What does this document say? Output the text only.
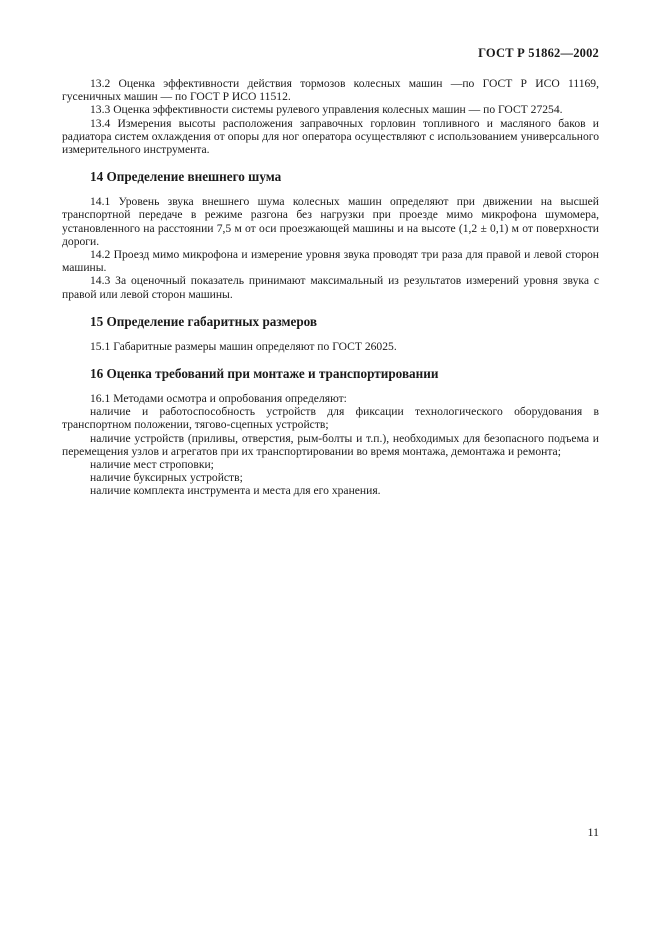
ГОСТ Р 51862—2002

13.2 Оценка эффективности действия тормозов колесных машин —по ГОСТ Р ИСО 11169, гусеничных машин — по ГОСТ Р ИСО 11512.

13.3 Оценка эффективности системы рулевого управления колесных машин — по ГОСТ 27254.

13.4 Измерения высоты расположения заправочных горловин топливного и масляного баков и радиатора систем охлаждения от опоры для ног оператора осуществляют с использованием универсального измерительного инструмента.

14 Определение внешнего шума

14.1 Уровень звука внешнего шума колесных машин определяют при движении на высшей транспортной передаче в режиме разгона без нагрузки при проезде мимо микрофона шумомера, установленного на расстоянии 7,5 м от оси проезжающей машины и на высоте (1,2 ± 0,1) м от поверхности дороги.

14.2 Проезд мимо микрофона и измерение уровня звука проводят три раза для правой и левой сторон машины.

14.3 За оценочный показатель принимают максимальный из результатов измерений уровня звука с правой или левой сторон машины.

15 Определение габаритных размеров

15.1 Габаритные размеры машин определяют по ГОСТ 26025.

16 Оценка требований при монтаже и транспортировании

16.1 Методами осмотра и опробования определяют:

наличие и работоспособность устройств для фиксации технологического оборудования в транспортном положении, тягово-сцепных устройств;

наличие устройств (приливы, отверстия, рым-болты и т.п.), необходимых для безопасного подъема и перемещения узлов и агрегатов при их транспортировании во время монтажа, демонтажа и ремонта;

наличие мест строповки;

наличие буксирных устройств;

наличие комплекта инструмента и места для его хранения.

11
